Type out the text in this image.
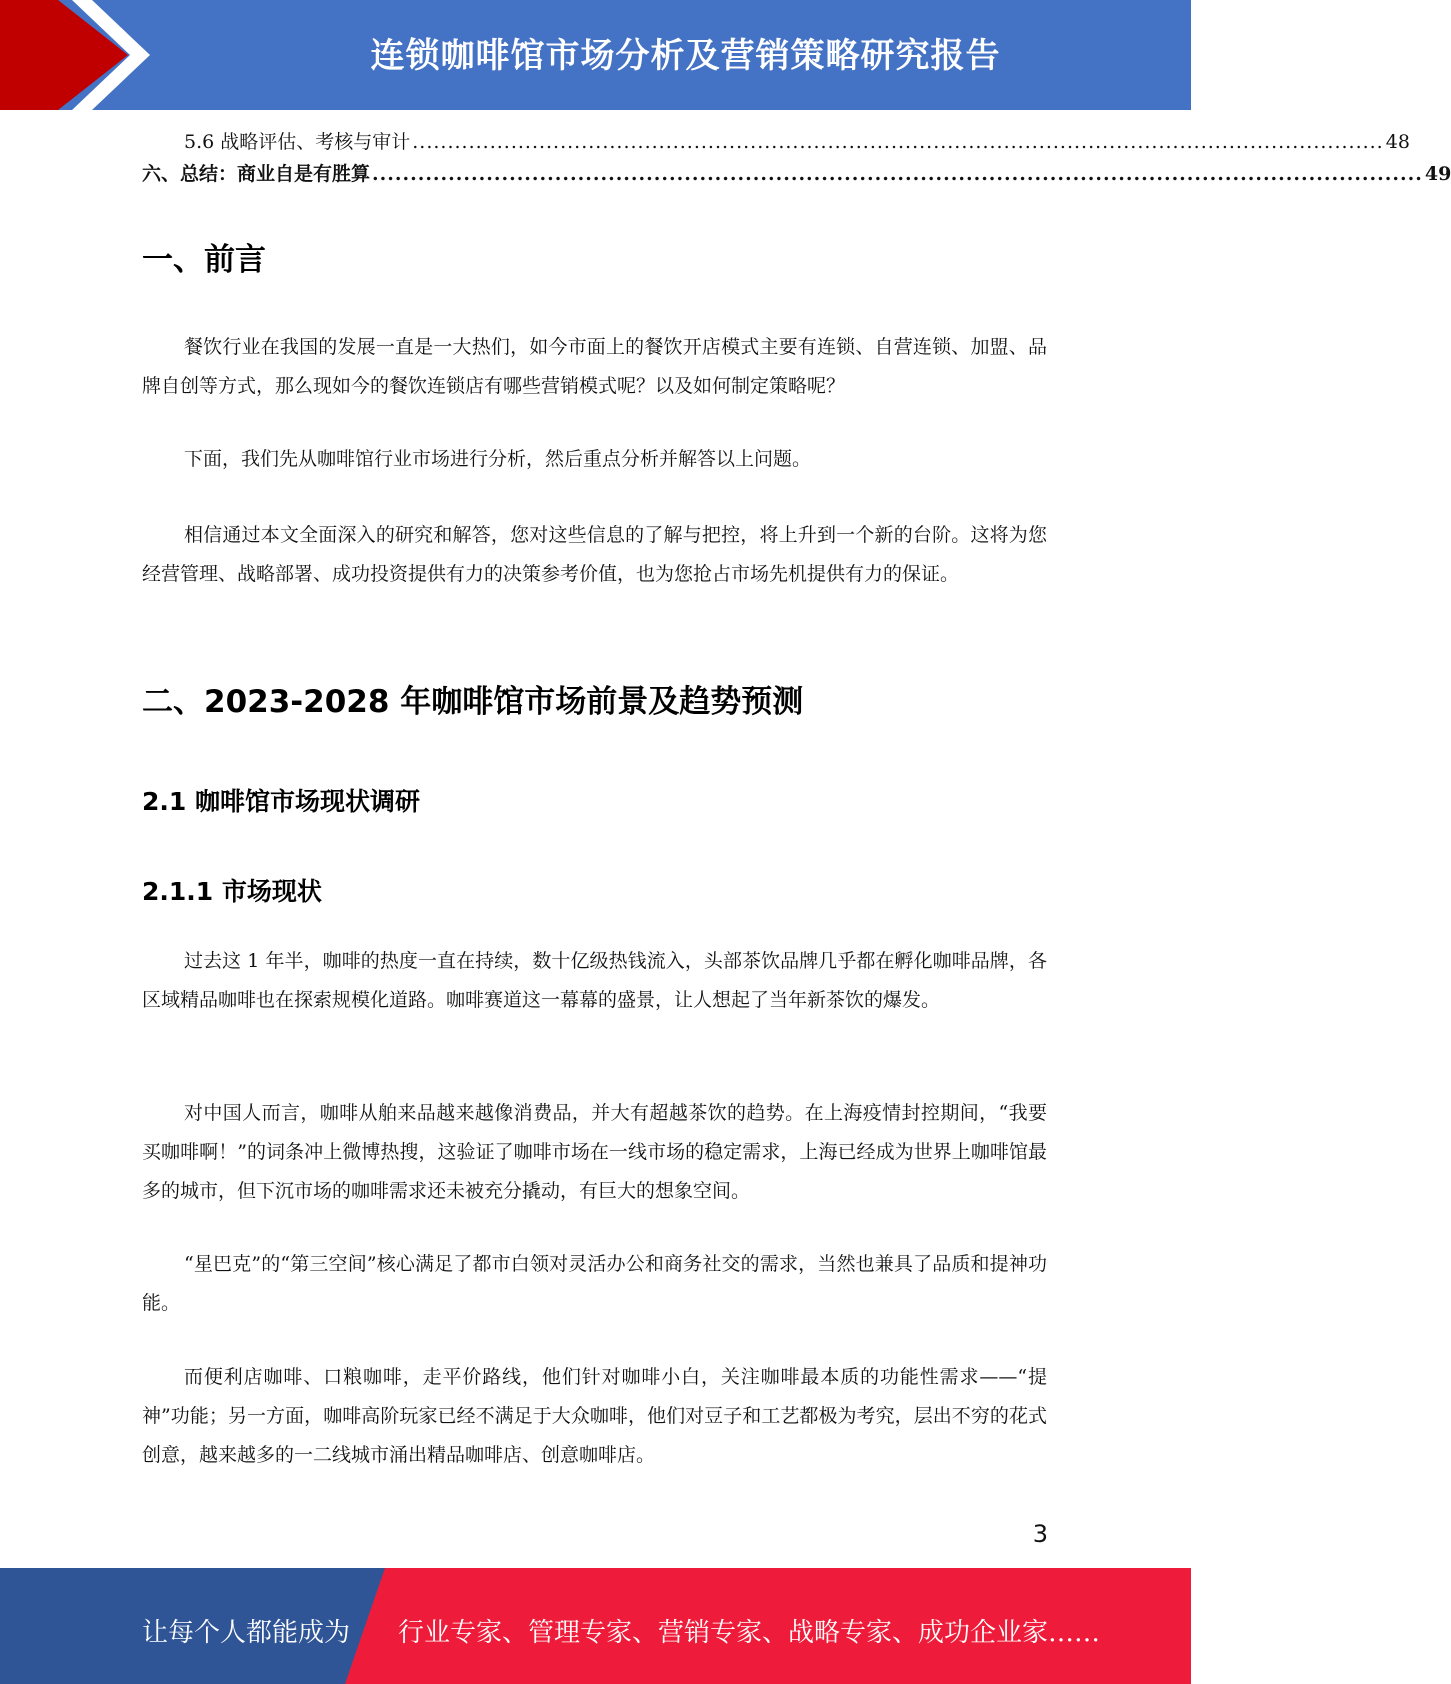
连锁咖啡馆市场分析及营销策略研究报告
5.6 战略评估、考核与审计 .......................................................................................................................................... 48
六、总结：商业自是有胜算 .......................................................................................................................................... 49
一、前言

餐饮行业在我国的发展一直是一大热们，如今市面上的餐饮开店模式主要有连锁、自营连锁、加盟、品牌自创等方式，那么现如今的餐饮连锁店有哪些营销模式呢？以及如何制定策略呢？

下面，我们先从咖啡馆行业市场进行分析，然后重点分析并解答以上问题。

相信通过本文全面深入的研究和解答，您对这些信息的了解与把控，将上升到一个新的台阶。这将为您经营管理、战略部署、成功投资提供有力的决策参考价值，也为您抢占市场先机提供有力的保证。

二、2023-2028 年咖啡馆市场前景及趋势预测
2.1 咖啡馆市场现状调研
2.1.1 市场现状

过去这 1 年半，咖啡的热度一直在持续，数十亿级热钱流入，头部茶饮品牌几乎都在孵化咖啡品牌，各区域精品咖啡也在探索规模化道路。咖啡赛道这一幕幕的盛景，让人想起了当年新茶饮的爆发。

对中国人而言，咖啡从舶来品越来越像消费品，并大有超越茶饮的趋势。在上海疫情封控期间，“我要买咖啡啊！”的词条冲上微博热搜，这验证了咖啡市场在一线市场的稳定需求，上海已经成为世界上咖啡馆最多的城市，但下沉市场的咖啡需求还未被充分撬动，有巨大的想象空间。

“星巴克”的“第三空间”核心满足了都市白领对灵活办公和商务社交的需求，当然也兼具了品质和提神功能。

而便利店咖啡、口粮咖啡，走平价路线，他们针对咖啡小白，关注咖啡最本质的功能性需求——“提神”功能；另一方面，咖啡高阶玩家已经不满足于大众咖啡，他们对豆子和工艺都极为考究，层出不穷的花式创意，越来越多的一二线城市涌出精品咖啡店、创意咖啡店。

3
让每个人都能成为 行业专家、管理专家、营销专家、战略专家、成功企业家……
